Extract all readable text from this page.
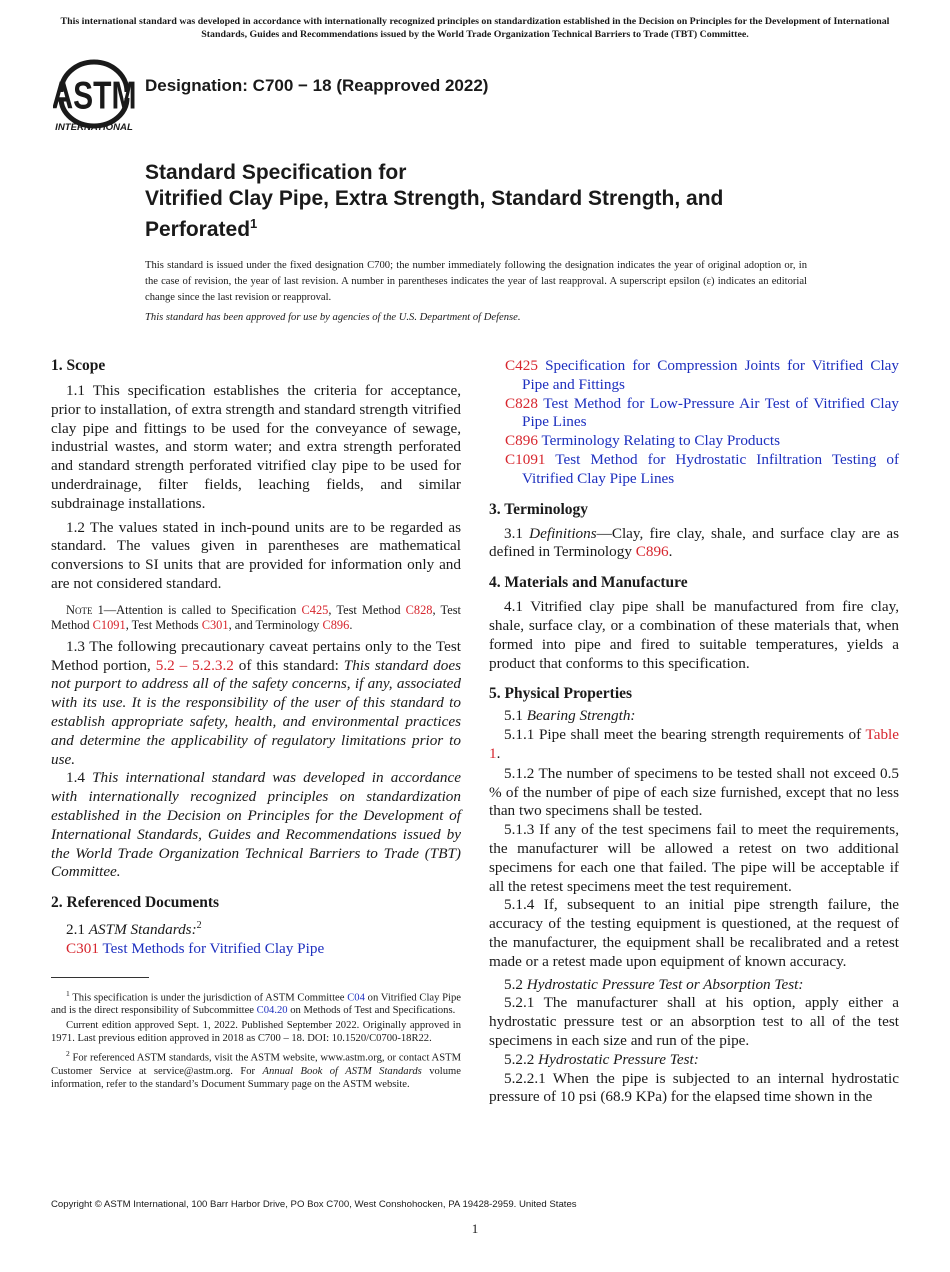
This international standard was developed in accordance with internationally recognized principles on standardization established in the Decision on Principles for the Development of International Standards, Guides and Recommendations issued by the World Trade Organization Technical Barriers to Trade (TBT) Committee.
ASTM
INTERNATIONAL
Designation: C700 − 18 (Reapproved 2022)
Standard Specification for
Vitrified Clay Pipe, Extra Strength, Standard Strength, and
Perforated$^1$
This standard is issued under the fixed designation C700; the number immediately following the designation indicates the year of original adoption or, in the case of revision, the year of last revision. A number in parentheses indicates the year of last reapproval. A superscript epsilon (ε) indicates an editorial change since the last revision or reapproval.
This standard has been approved for use by agencies of the U.S. Department of Defense.

1. Scope

1.1 This specification establishes the criteria for acceptance, prior to installation, of extra strength and standard strength vitrified clay pipe and fittings to be used for the conveyance of sewage, industrial wastes, and storm water; and extra strength perforated and standard strength perforated vitrified clay pipe to be used for underdrainage, filter fields, leaching fields, and similar subdrainage installations.

1.2 The values stated in inch-pound units are to be regarded as standard. The values given in parentheses are mathematical conversions to SI units that are provided for information only and are not considered standard.

Note 1—Attention is called to Specification C425, Test Method C828, Test Method C1091, Test Methods C301, and Terminology C896.

1.3 The following precautionary caveat pertains only to the Test Method portion, 5.2 – 5.2.3.2 of this standard: This standard does not purport to address all of the safety concerns, if any, associated with its use. It is the responsibility of the user of this standard to establish appropriate safety, health, and environmental practices and determine the applicability of regulatory limitations prior to use.

1.4 This international standard was developed in accordance with internationally recognized principles on standardization established in the Decision on Principles for the Development of International Standards, Guides and Recommendations issued by the World Trade Organization Technical Barriers to Trade (TBT) Committee.

2. Referenced Documents

2.1 ASTM Standards:$^2$

C301 Test Methods for Vitrified Clay Pipe

$^1$ This specification is under the jurisdiction of ASTM Committee C04 on Vitrified Clay Pipe and is the direct responsibility of Subcommittee C04.20 on Methods of Test and Specifications.

Current edition approved Sept. 1, 2022. Published September 2022. Originally approved in 1971. Last previous edition approved in 2018 as C700 – 18. DOI: 10.1520/C0700-18R22.

$^2$ For referenced ASTM standards, visit the ASTM website, www.astm.org, or contact ASTM Customer Service at service@astm.org. For Annual Book of ASTM Standards volume information, refer to the standard’s Document Summary page on the ASTM website.

C425 Specification for Compression Joints for Vitrified Clay Pipe and Fittings

C828 Test Method for Low-Pressure Air Test of Vitrified Clay Pipe Lines

C896 Terminology Relating to Clay Products

C1091 Test Method for Hydrostatic Infiltration Testing of Vitrified Clay Pipe Lines

3. Terminology

3.1 Definitions—Clay, fire clay, shale, and surface clay are as defined in Terminology C896.

4. Materials and Manufacture

4.1 Vitrified clay pipe shall be manufactured from fire clay, shale, surface clay, or a combination of these materials that, when formed into pipe and fired to suitable temperatures, yields a product that conforms to this specification.

5. Physical Properties

5.1 Bearing Strength:

5.1.1 Pipe shall meet the bearing strength requirements of Table 1.

5.1.2 The number of specimens to be tested shall not exceed 0.5 % of the number of pipe of each size furnished, except that no less than two specimens shall be tested.

5.1.3 If any of the test specimens fail to meet the requirements, the manufacturer will be allowed a retest on two additional specimens for each one that failed. The pipe will be acceptable if all the retest specimens meet the test requirement.

5.1.4 If, subsequent to an initial pipe strength failure, the accuracy of the testing equipment is questioned, at the request of the manufacturer, the equipment shall be recalibrated and a retest made or a retest made upon equipment of known accuracy.

5.2 Hydrostatic Pressure Test or Absorption Test:

5.2.1 The manufacturer shall at his option, apply either a hydrostatic pressure test or an absorption test to all of the test specimens in each size and run of the pipe.

5.2.2 Hydrostatic Pressure Test:

5.2.2.1 When the pipe is subjected to an internal hydrostatic pressure of 10 psi (68.9 KPa) for the elapsed time shown in the

Copyright © ASTM International, 100 Barr Harbor Drive, PO Box C700, West Conshohocken, PA 19428-2959. United States
1
